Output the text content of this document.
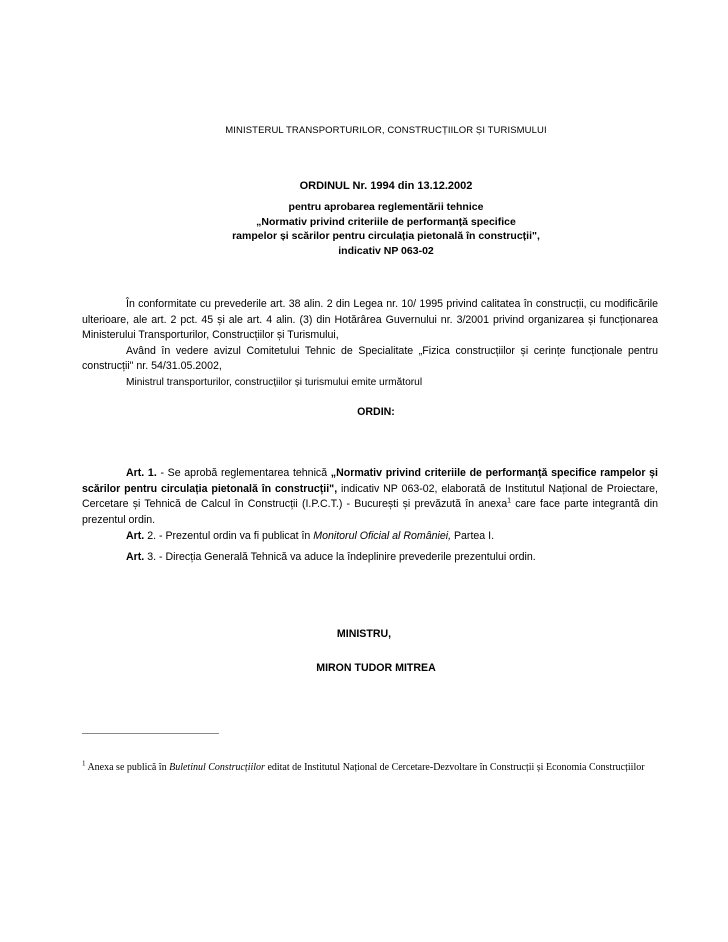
MINISTERUL TRANSPORTURILOR, CONSTRUCȚIILOR ȘI TURISMULUI
ORDINUL Nr. 1994 din 13.12.2002
pentru aprobarea reglementării tehnice
„Normativ privind criteriile de performanță specifice
rampelor și scărilor pentru circulația pietonală în construcții",
indicativ NP 063-02
În conformitate cu prevederile art. 38 alin. 2 din Legea nr. 10/ 1995 privind calitatea în construcții, cu modificările ulterioare, ale art. 2 pct. 45 și ale art. 4 alin. (3) din Hotărârea Guvernului nr. 3/2001 privind organizarea și funcționarea Ministerului Transporturilor, Construcțiilor și Turismului,
Având în vedere avizul Comitetului Tehnic de Specialitate „Fizica construcțiilor și cerințe funcționale pentru construcții" nr. 54/31.05.2002,
Ministrul transporturilor, construcțiilor și turismului emite următorul
ORDIN:
Art. 1. - Se aprobă reglementarea tehnică „Normativ privind criteriile de performanță specifice rampelor și scărilor pentru circulația pietonală în construcții", indicativ NP 063-02, elaborată de Institutul Național de Proiectare, Cercetare și Tehnică de Calcul în Construcții (I.P.C.T.) - București și prevăzută în anexa$^1$ care face parte integrantă din prezentul ordin.
Art. 2. - Prezentul ordin va fi publicat în Monitorul Oficial al României, Partea I.
Art. 3. - Direcția Generală Tehnică va aduce la îndeplinire prevederile prezentului ordin.
MINISTRU,
MIRON TUDOR MITREA
$^1$ Anexa se publică în Buletinul Construcțiilor editat de Institutul Național de Cercetare-Dezvoltare în Construcții și Economia Construcțiilor
